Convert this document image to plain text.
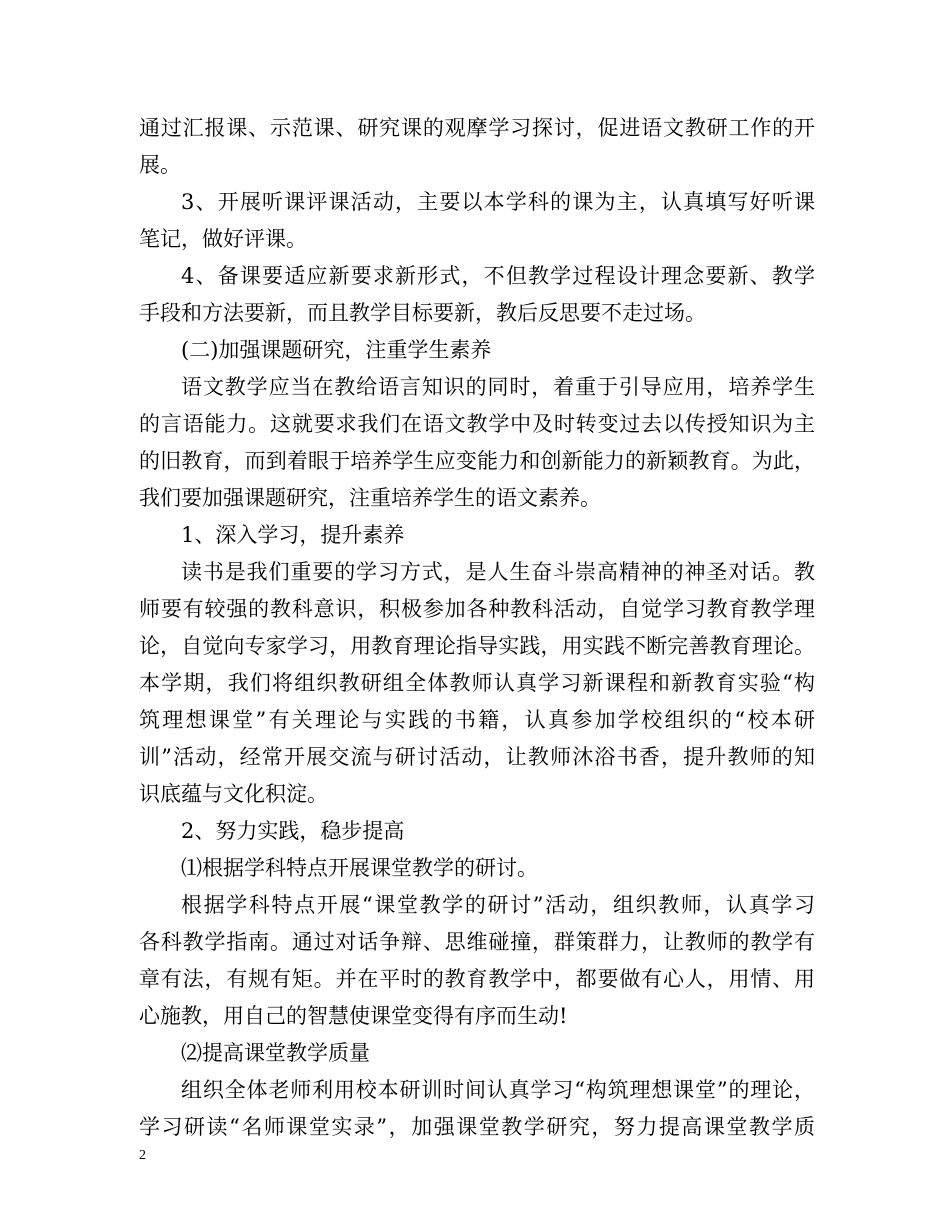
通过汇报课、示范课、研究课的观摩学习探讨，促进语文教研工作的开
展。
3、开展听课评课活动，主要以本学科的课为主，认真填写好听课
笔记，做好评课。
4、备课要适应新要求新形式，不但教学过程设计理念要新、教学
手段和方法要新，而且教学目标要新，教后反思要不走过场。
(二)加强课题研究，注重学生素养
语文教学应当在教给语言知识的同时，着重于引导应用，培养学生
的言语能力。这就要求我们在语文教学中及时转变过去以传授知识为主
的旧教育，而到着眼于培养学生应变能力和创新能力的新颖教育。为此，
我们要加强课题研究，注重培养学生的语文素养。
1、深入学习，提升素养
读书是我们重要的学习方式，是人生奋斗崇高精神的神圣对话。教
师要有较强的教科意识，积极参加各种教科活动，自觉学习教育教学理
论，自觉向专家学习，用教育理论指导实践，用实践不断完善教育理论。
本学期，我们将组织教研组全体教师认真学习新课程和新教育实验“构
筑理想课堂”有关理论与实践的书籍，认真参加学校组织的“校本研
训”活动，经常开展交流与研讨活动，让教师沐浴书香，提升教师的知
识底蕴与文化积淀。
2、努力实践，稳步提高
⑴根据学科特点开展课堂教学的研讨。
根据学科特点开展“课堂教学的研讨”活动，组织教师，认真学习
各科教学指南。通过对话争辩、思维碰撞，群策群力，让教师的教学有
章有法，有规有矩。并在平时的教育教学中，都要做有心人，用情、用
心施教，用自己的智慧使课堂变得有序而生动!
⑵提高课堂教学质量
组织全体老师利用校本研训时间认真学习“构筑理想课堂”的理论，
学习研读“名师课堂实录”，加强课堂教学研究，努力提高课堂教学质
2
